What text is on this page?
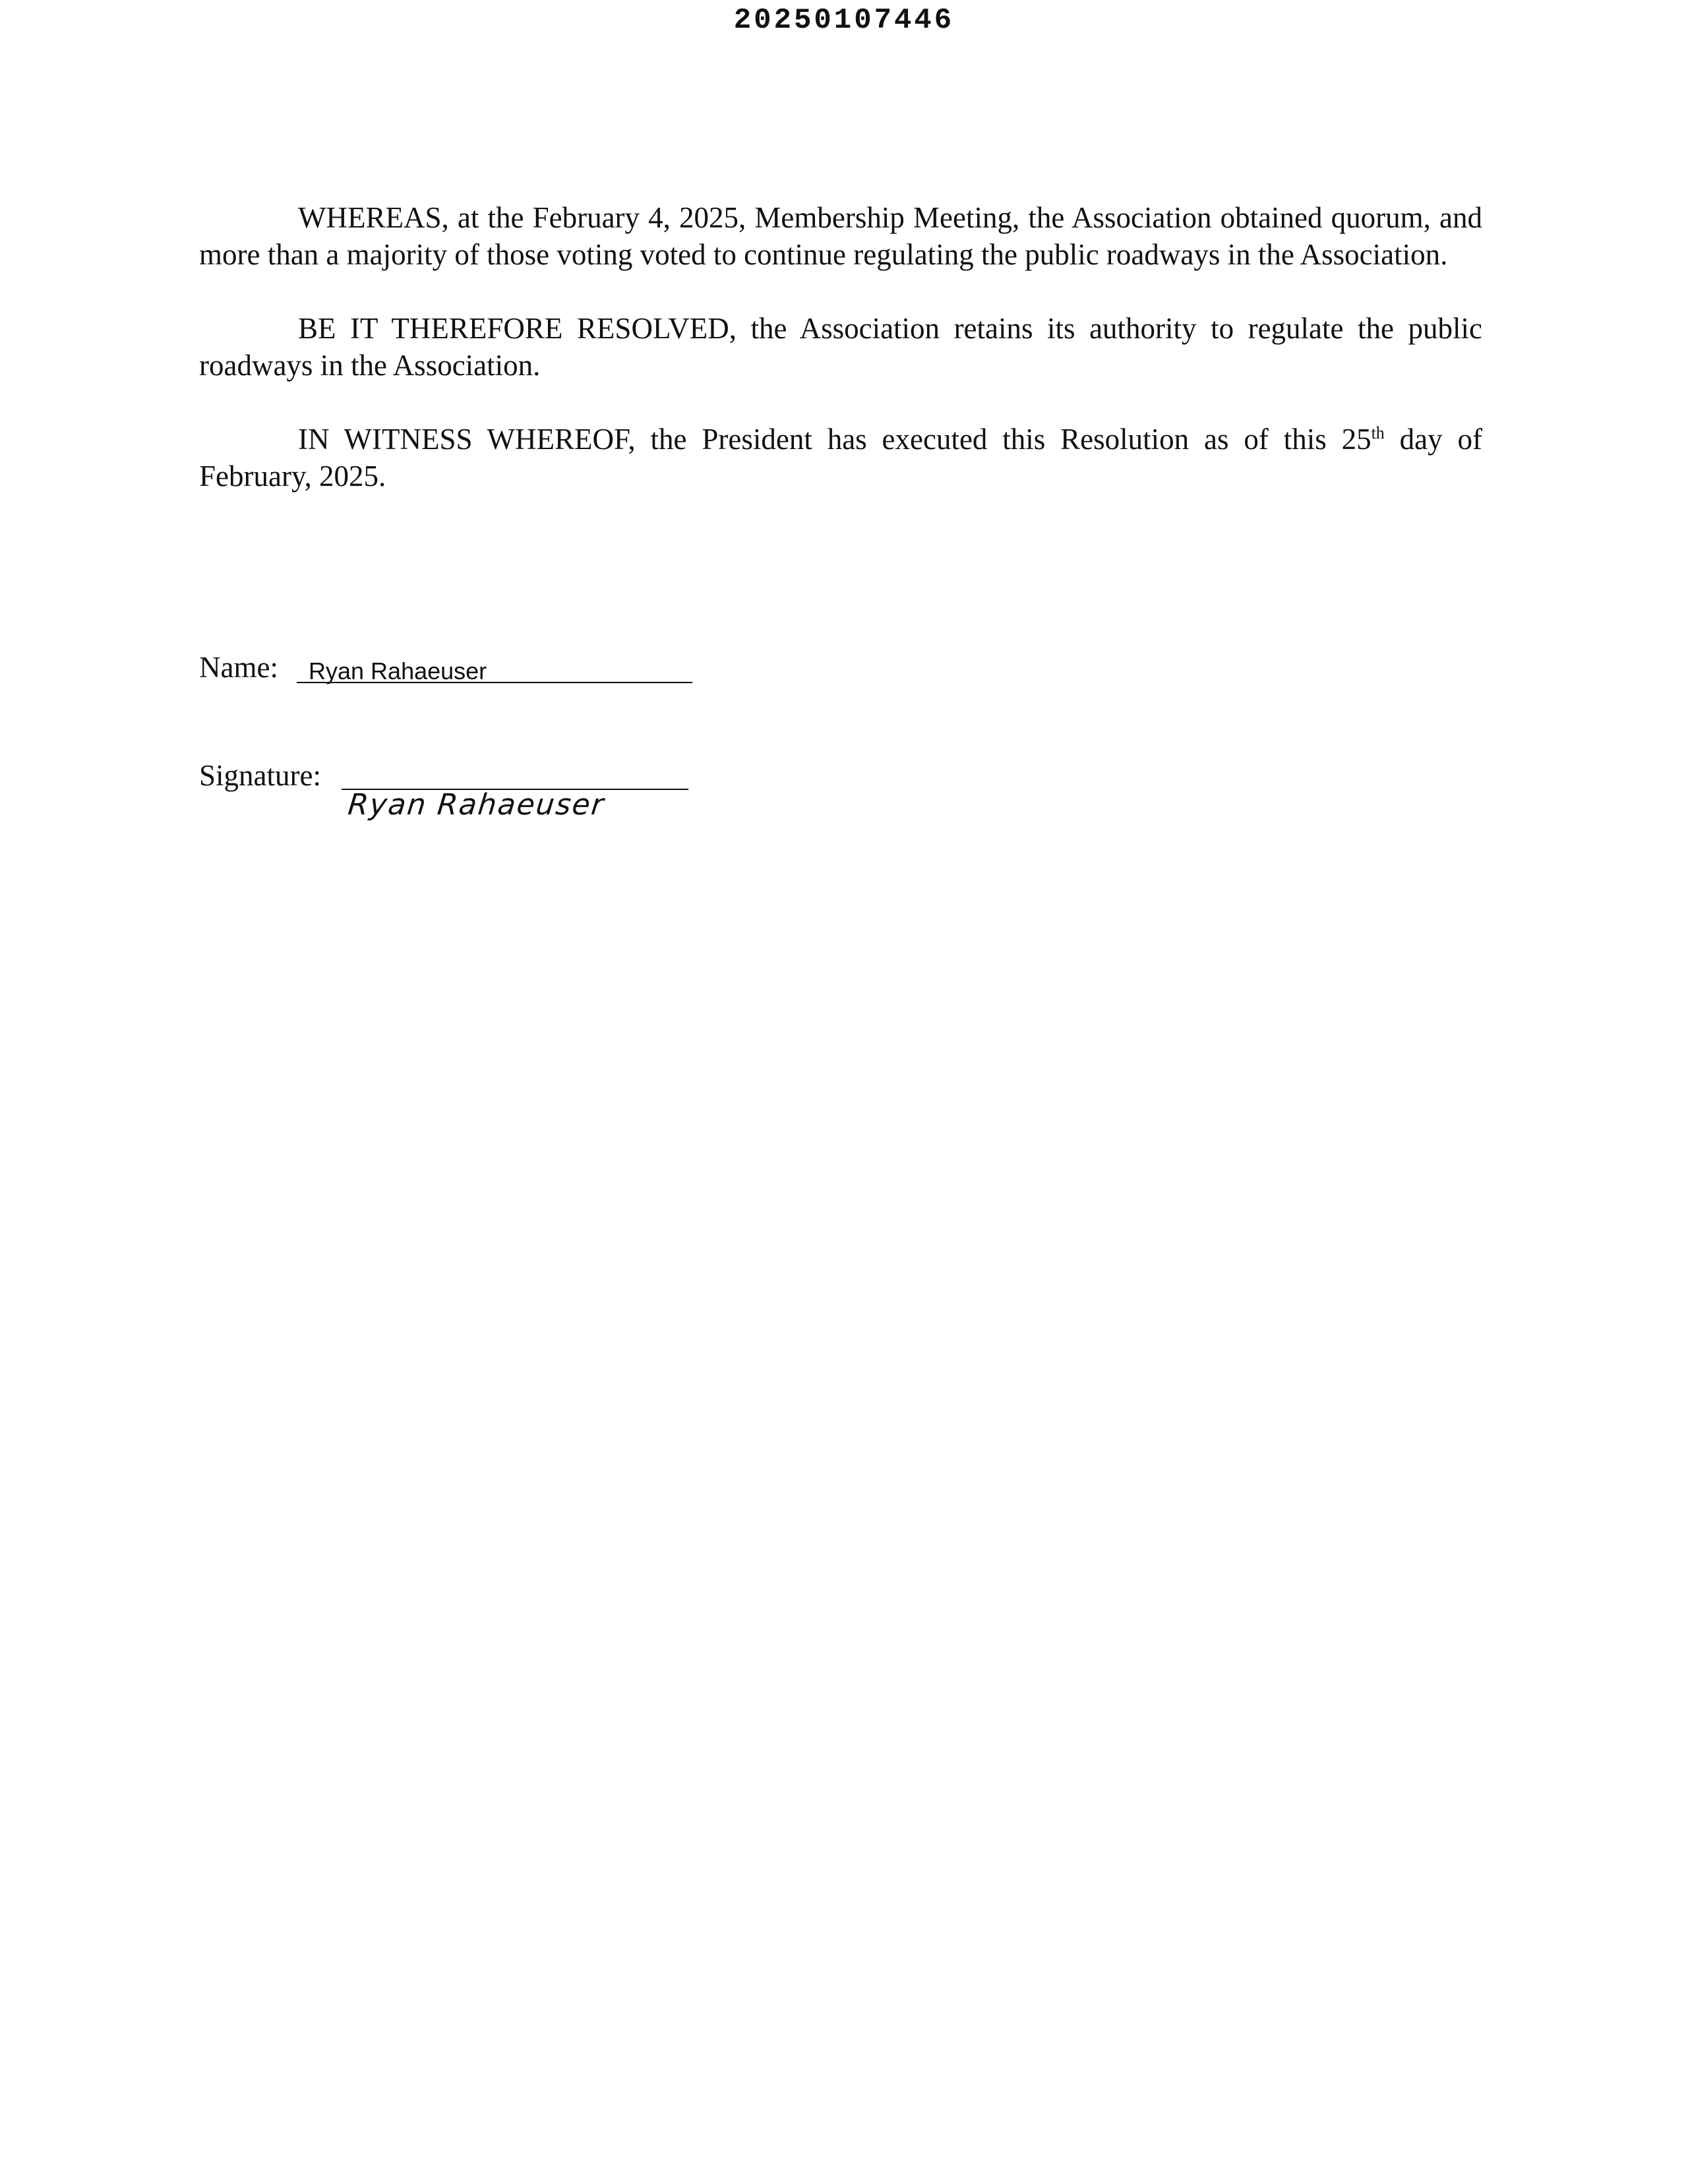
20250107446

WHEREAS, at the February 4, 2025, Membership Meeting, the Association obtained quorum, and more than a majority of those voting voted to continue regulating the public roadways in the Association.

BE IT THEREFORE RESOLVED, the Association retains its authority to regulate the public roadways in the Association.

IN WITNESS WHEREOF, the President has executed this Resolution as of this 25th day of February, 2025.

Name: Ryan Rahaeuser
Signature:
Ryan Rahaeuser
